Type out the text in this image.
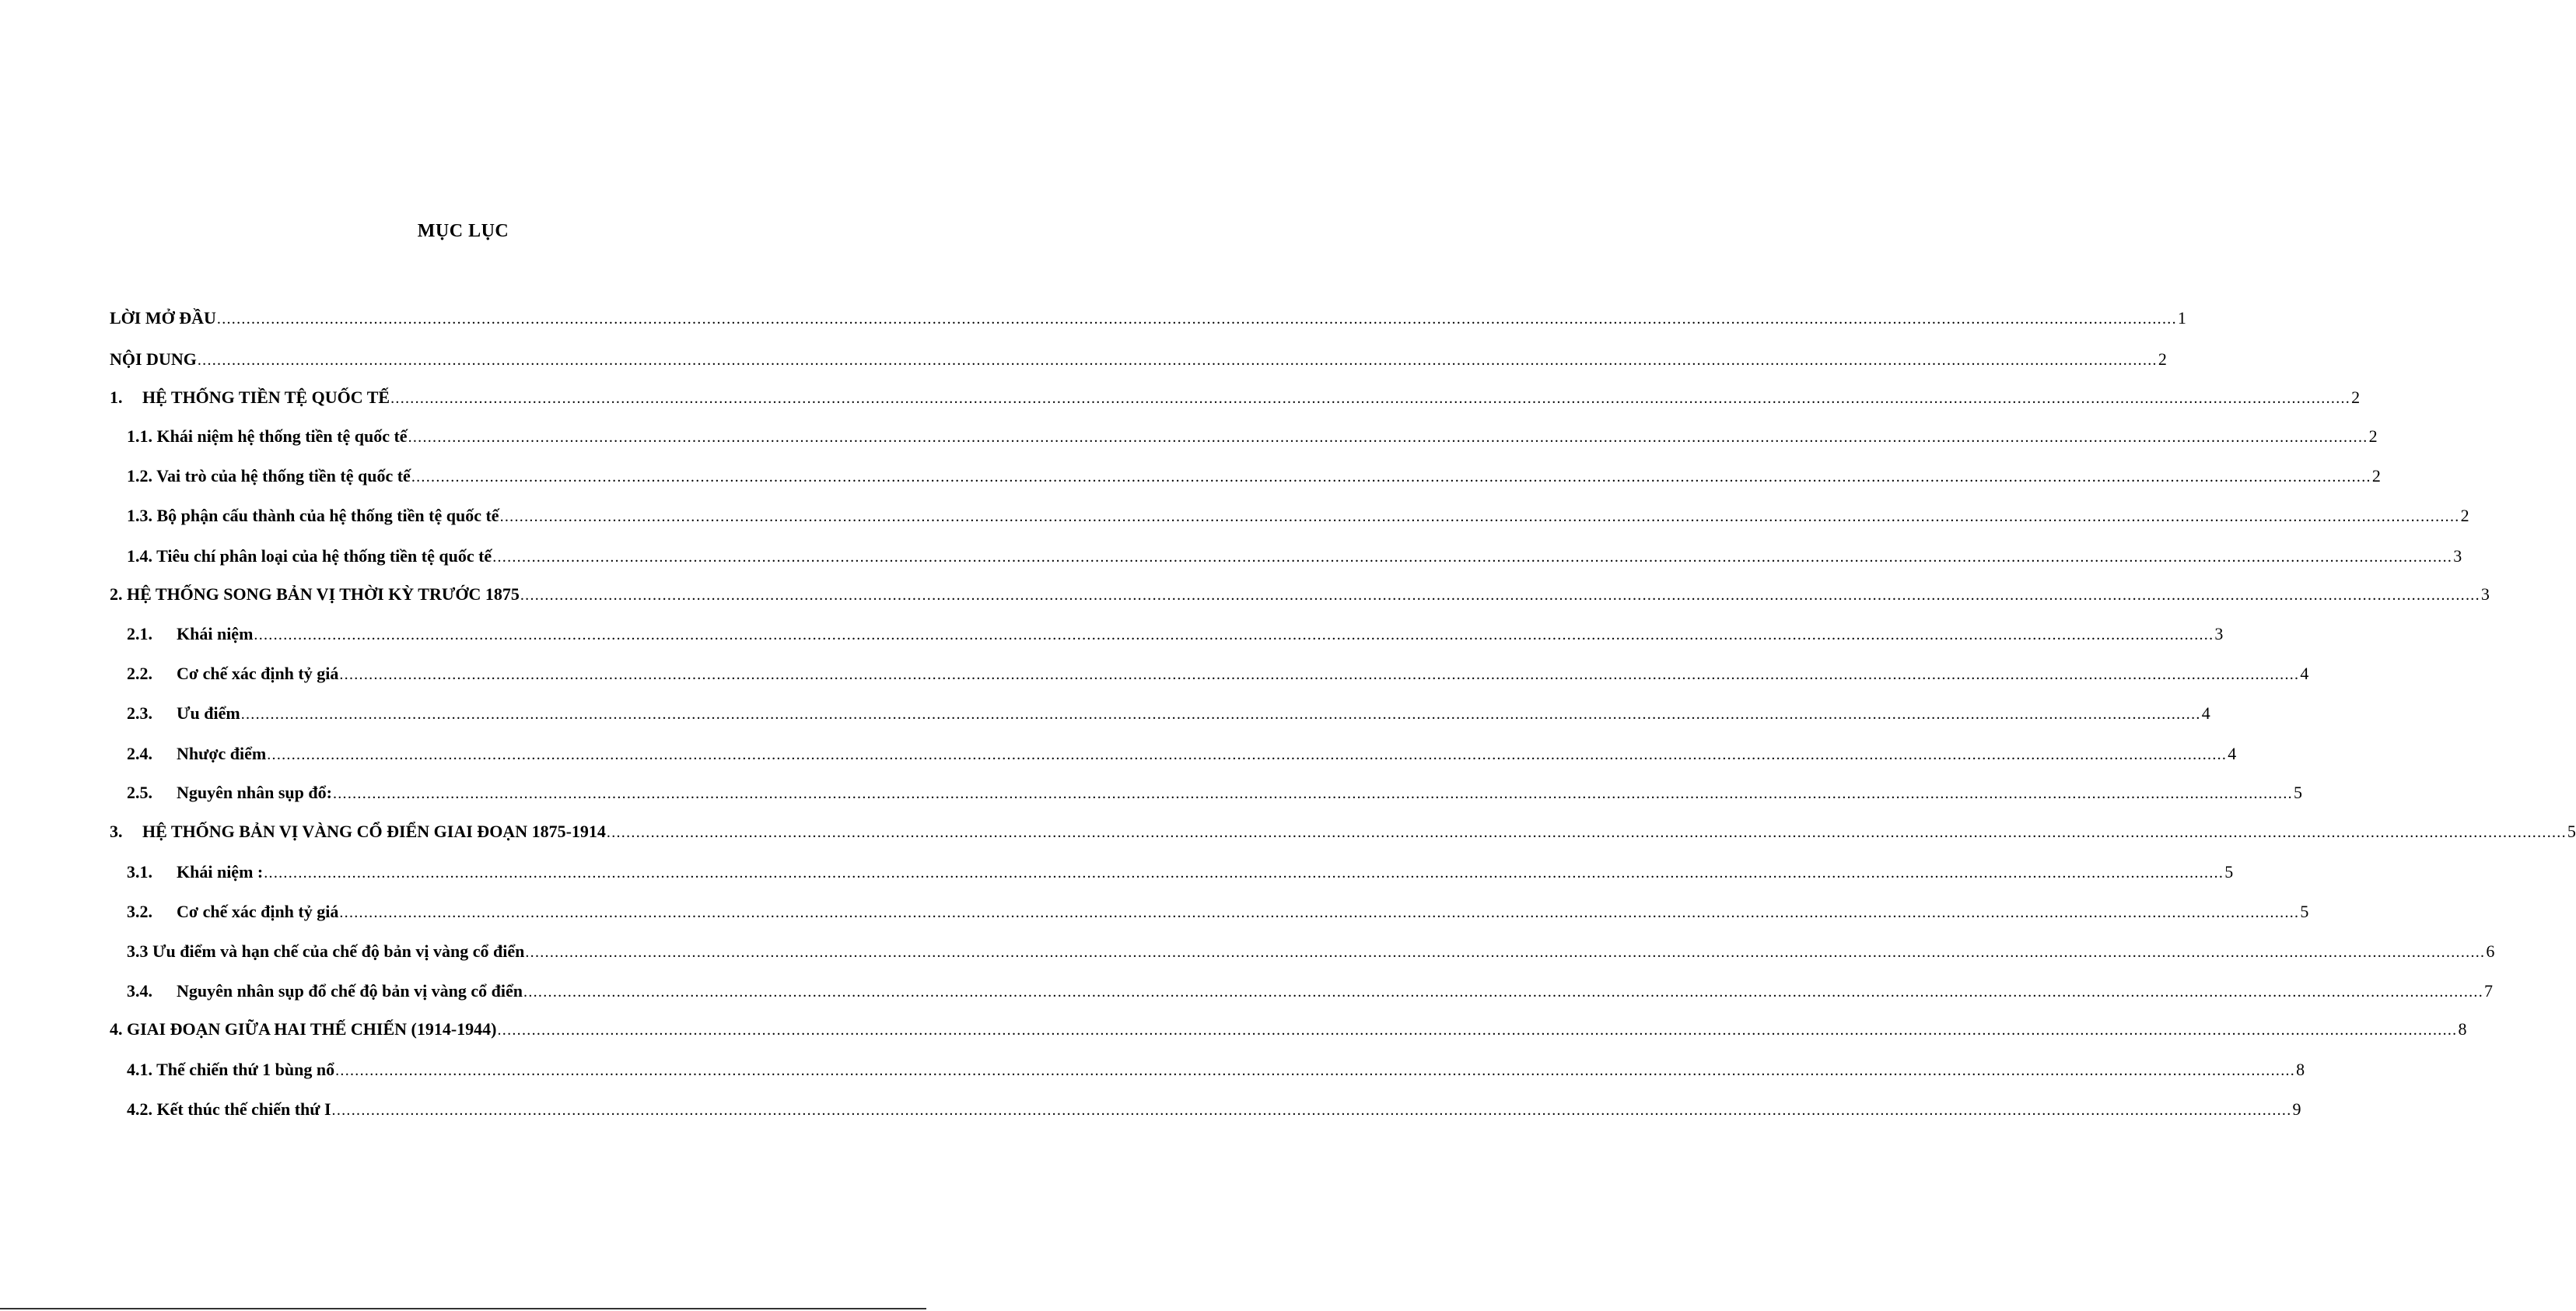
MỤC LỤC
LỜI MỞ ĐẦU ................................................................................................................................................................................................................................................................................................................................................................................................................ 1
NỘI DUNG ................................................................................................................................................................................................................................................................................................................................................................................................................ 2
1. HỆ THỐNG TIỀN TỆ QUỐC TẾ ................................................................................................................................................................................................................................................................................................................................................................................................................ 2
1.1. Khái niệm hệ thống tiền tệ quốc tế ................................................................................................................................................................................................................................................................................................................................................................................................................ 2
1.2. Vai trò của hệ thống tiền tệ quốc tế ................................................................................................................................................................................................................................................................................................................................................................................................................ 2
1.3. Bộ phận cấu thành của hệ thống tiền tệ quốc tế ................................................................................................................................................................................................................................................................................................................................................................................................................ 2
1.4. Tiêu chí phân loại của hệ thống tiền tệ quốc tế ................................................................................................................................................................................................................................................................................................................................................................................................................ 3
2. HỆ THỐNG SONG BẢN VỊ THỜI KỲ TRƯỚC 1875 ................................................................................................................................................................................................................................................................................................................................................................................................................ 3
2.1. Khái niệm ................................................................................................................................................................................................................................................................................................................................................................................................................ 3
2.2. Cơ chế xác định tỷ giá ................................................................................................................................................................................................................................................................................................................................................................................................................ 4
2.3. Ưu điểm ................................................................................................................................................................................................................................................................................................................................................................................................................ 4
2.4. Nhược điểm ................................................................................................................................................................................................................................................................................................................................................................................................................ 4
2.5. Nguyên nhân sụp đổ: ................................................................................................................................................................................................................................................................................................................................................................................................................ 5
3. HỆ THỐNG BẢN VỊ VÀNG CỔ ĐIỂN GIAI ĐOẠN 1875-1914 ................................................................................................................................................................................................................................................................................................................................................................................................................ 5
3.1. Khái niệm : ................................................................................................................................................................................................................................................................................................................................................................................................................ 5
3.2. Cơ chế xác định tỷ giá ................................................................................................................................................................................................................................................................................................................................................................................................................ 5
3.3 Ưu điểm và hạn chế của chế độ bản vị vàng cổ điển ................................................................................................................................................................................................................................................................................................................................................................................................................ 6
3.4. Nguyên nhân sụp đổ chế độ bản vị vàng cổ điển ................................................................................................................................................................................................................................................................................................................................................................................................................ 7
4. GIAI ĐOẠN GIỮA HAI THẾ CHIẾN (1914-1944) ................................................................................................................................................................................................................................................................................................................................................................................................................ 8
4.1. Thế chiến thứ 1 bùng nổ ................................................................................................................................................................................................................................................................................................................................................................................................................ 8
4.2. Kết thúc thế chiến thứ I ................................................................................................................................................................................................................................................................................................................................................................................................................ 9
